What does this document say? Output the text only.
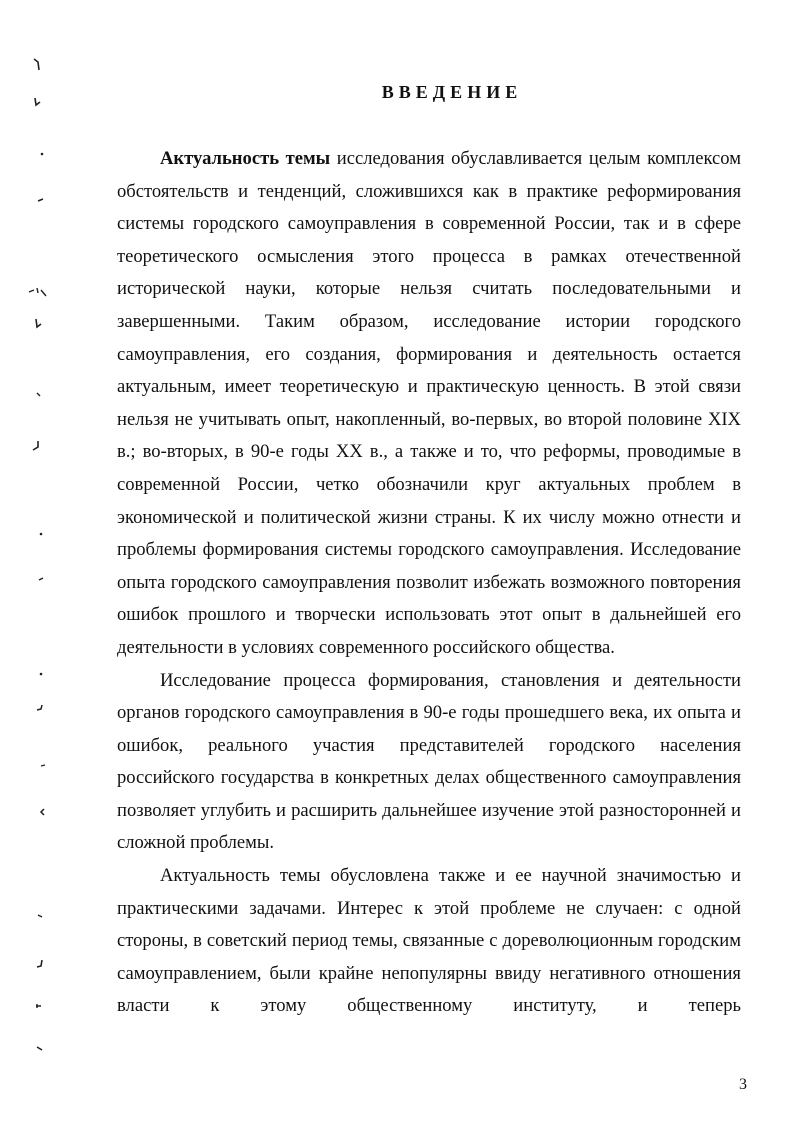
ВВЕДЕНИЕ

Актуальность темы исследования обуславливается целым комплексом обстоятельств и тенденций, сложившихся как в практике реформирования системы городского самоуправления в современной России, так и в сфере теоретического осмысления этого процесса в рамках отечественной исторической науки, которые нельзя считать последовательными и завершенными. Таким образом, исследование истории городского самоуправления, его создания, формирования и деятельность остается актуальным, имеет теоретическую и практическую ценность. В этой связи нельзя не учитывать опыт, накопленный, во-первых, во второй половине XIX в.; во-вторых, в 90-е годы XX в., а также и то, что реформы, проводимые в современной России, четко обозначили круг актуальных проблем в экономической и политической жизни страны. К их числу можно отнести и проблемы формирования системы городского самоуправления. Исследование опыта городского самоуправления позволит избежать возможного повторения ошибок прошлого и творчески использовать этот опыт в дальнейшей его деятельности в условиях современного российского общества.

Исследование процесса формирования, становления и деятельности органов городского самоуправления в 90-е годы прошедшего века, их опыта и ошибок, реального участия представителей городского населения российского государства в конкретных делах общественного самоуправления позволяет углубить и расширить дальнейшее изучение этой разносторонней и сложной проблемы.

Актуальность темы обусловлена также и ее научной значимостью и практическими задачами. Интерес к этой проблеме не случаен: с одной стороны, в советский период темы, связанные с дореволюционным городским самоуправлением, были крайне непопулярны ввиду негативного отношения власти к этому общественному институту, и теперь

3
